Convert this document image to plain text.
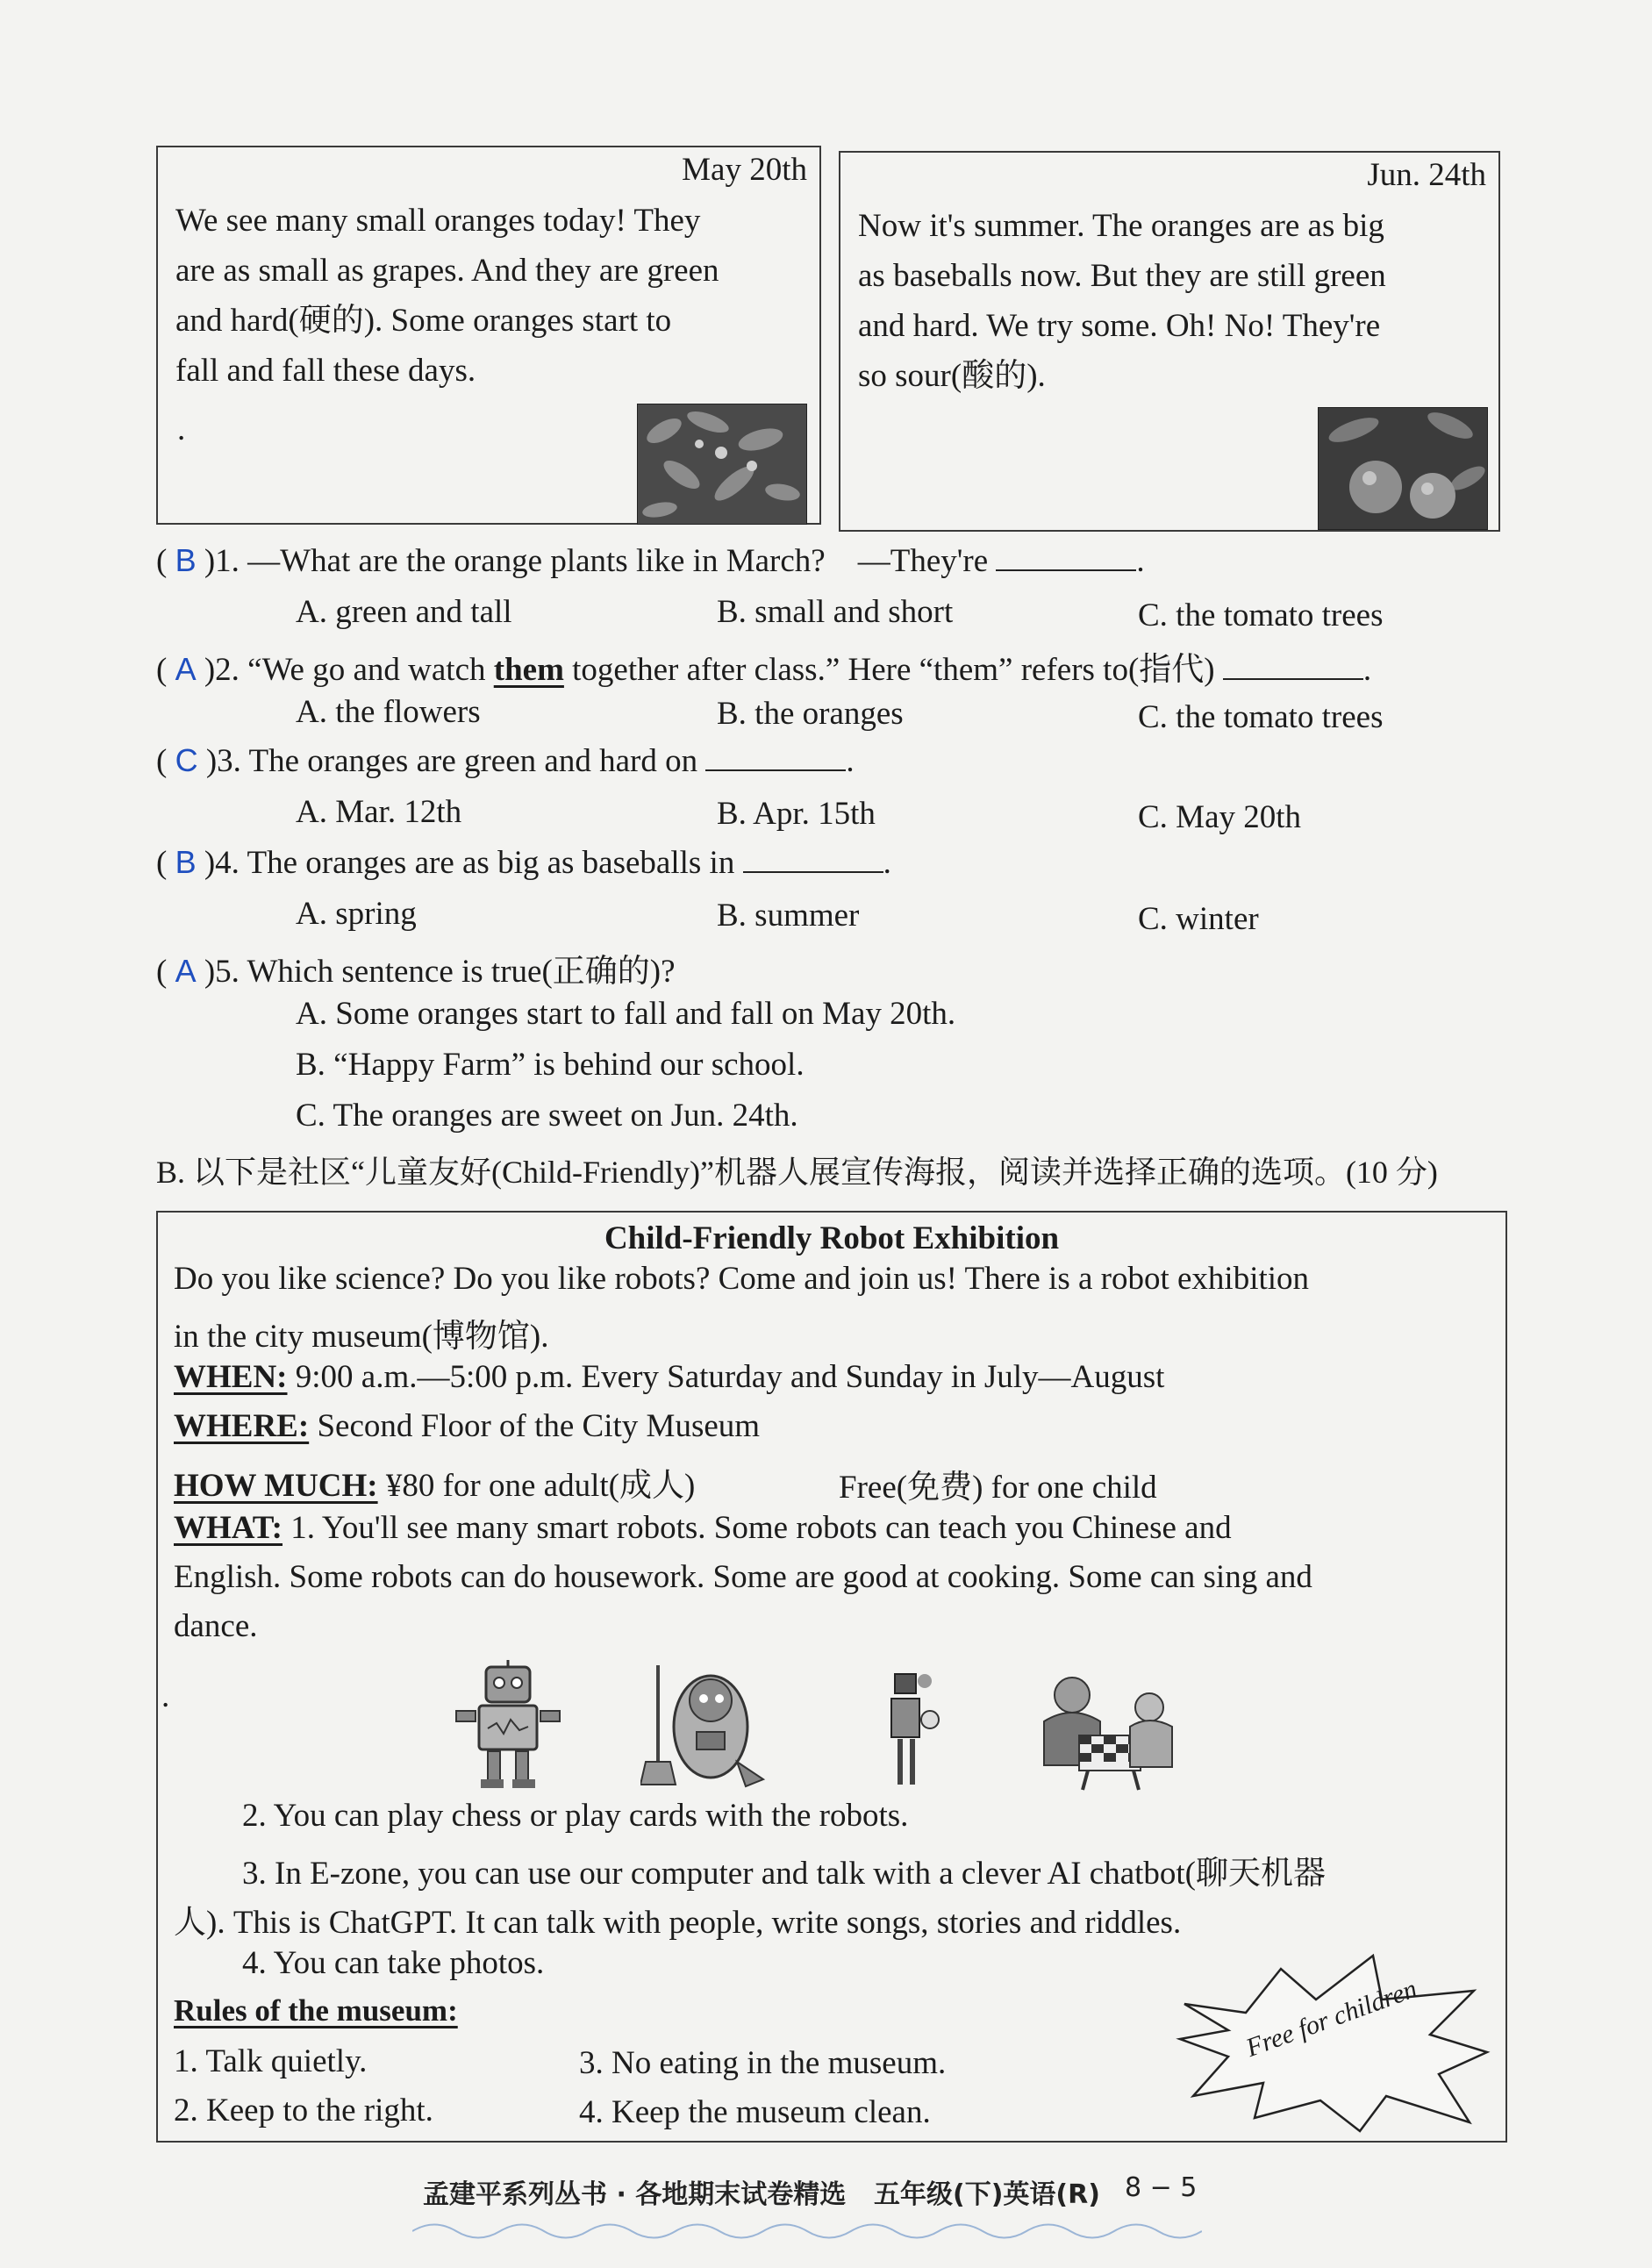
May 20th
We see many small oranges today! They
are as small as grapes. And they are green
and hard(硬的). Some oranges start to
fall and fall these days.
.
Jun. 24th
Now it's summer. The oranges are as big
as baseballs now. But they are still green
and hard. We try some. Oh! No! They're
so sour(酸的).
( B )1. —What are the orange plants like in March? —They're	.
A. green and tall	B. small and short	C. the tomato trees
( A )2. “We go and watch them together after class.” Here “them” refers to(指代)	.
A. the flowers	B. the oranges	C. the tomato trees
( C )3. The oranges are green and hard on	.
A. Mar. 12th	B. Apr. 15th	C. May 20th
( B )4. The oranges are as big as baseballs in	.
A. spring	B. summer	C. winter
( A )5. Which sentence is true(正确的)?
A. Some oranges start to fall and fall on May 20th.
B. “Happy Farm” is behind our school.
C. The oranges are sweet on Jun. 24th.
B. 以下是社区“儿童友好(Child-Friendly)”机器人展宣传海报，阅读并选择正确的选项。(10 分)
Child-Friendly Robot Exhibition
Do you like science? Do you like robots? Come and join us! There is a robot exhibition
in the city museum(博物馆).
WHEN: 9:00 a.m.—5:00 p.m. Every Saturday and Sunday in July—August
WHERE: Second Floor of the City Museum
HOW MUCH: ¥80 for one adult(成人)	Free(免费) for one child
WHAT: 1. You'll see many smart robots. Some robots can teach you Chinese and
English. Some robots can do housework. Some are good at cooking. Some can sing and
dance.
.
2. You can play chess or play cards with the robots.
3. In E-zone, you can use our computer and talk with a clever AI chatbot(聊天机器
人). This is ChatGPT. It can talk with people, write songs, stories and riddles.
4. You can take photos.
Rules of the museum:
1. Talk quietly.
2. Keep to the right.
3. No eating in the museum.
4. Keep the museum clean.
Free for children
孟建平系列丛书 · 各地期末试卷精选 五年级(下)英语(R) 8 − 5
